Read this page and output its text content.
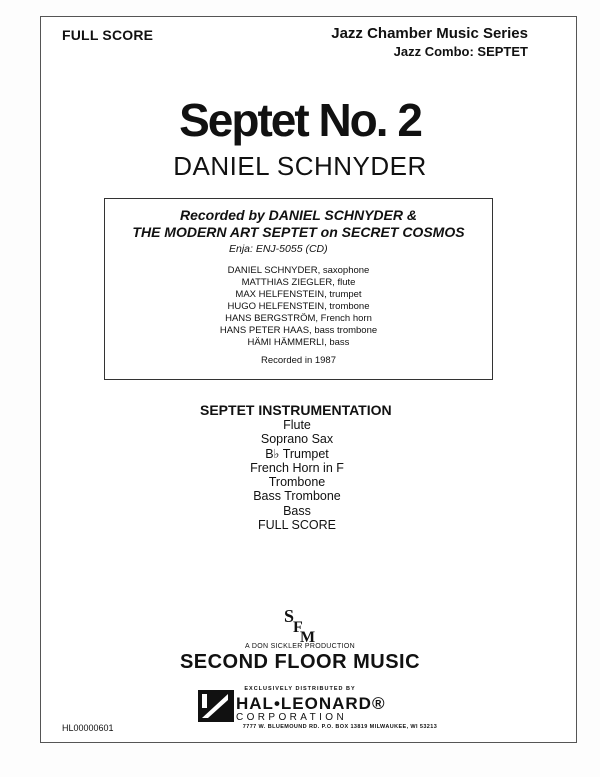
FULL SCORE	Jazz Chamber Music Series
Jazz Combo: SEPTET
Septet No. 2
DANIEL SCHNYDER
Recorded by DANIEL SCHNYDER &
THE MODERN ART SEPTET on SECRET COSMOS
Enja: ENJ-5055 (CD)
DANIEL SCHNYDER, saxophone
MATTHIAS ZIEGLER, flute
MAX HELFENSTEIN, trumpet
HUGO HELFENSTEIN, trombone
HANS BERGSTRÖM, French horn
HANS PETER HAAS, bass trombone
HÄMI HÄMMERLI, bass
Recorded in 1987
SEPTET INSTRUMENTATION
Flute
Soprano Sax
B♭ Trumpet
French Horn in F
Trombone
Bass Trombone
Bass
FULL SCORE
S
F
M
A DON SICKLER PRODUCTION
SECOND FLOOR MUSIC
EXCLUSIVELY DISTRIBUTED BY
HAL•LEONARD®
CORPORATION
7777 W. BLUEMOUND RD. P.O. BOX 13819 MILWAUKEE, WI 53213
HL00000601
